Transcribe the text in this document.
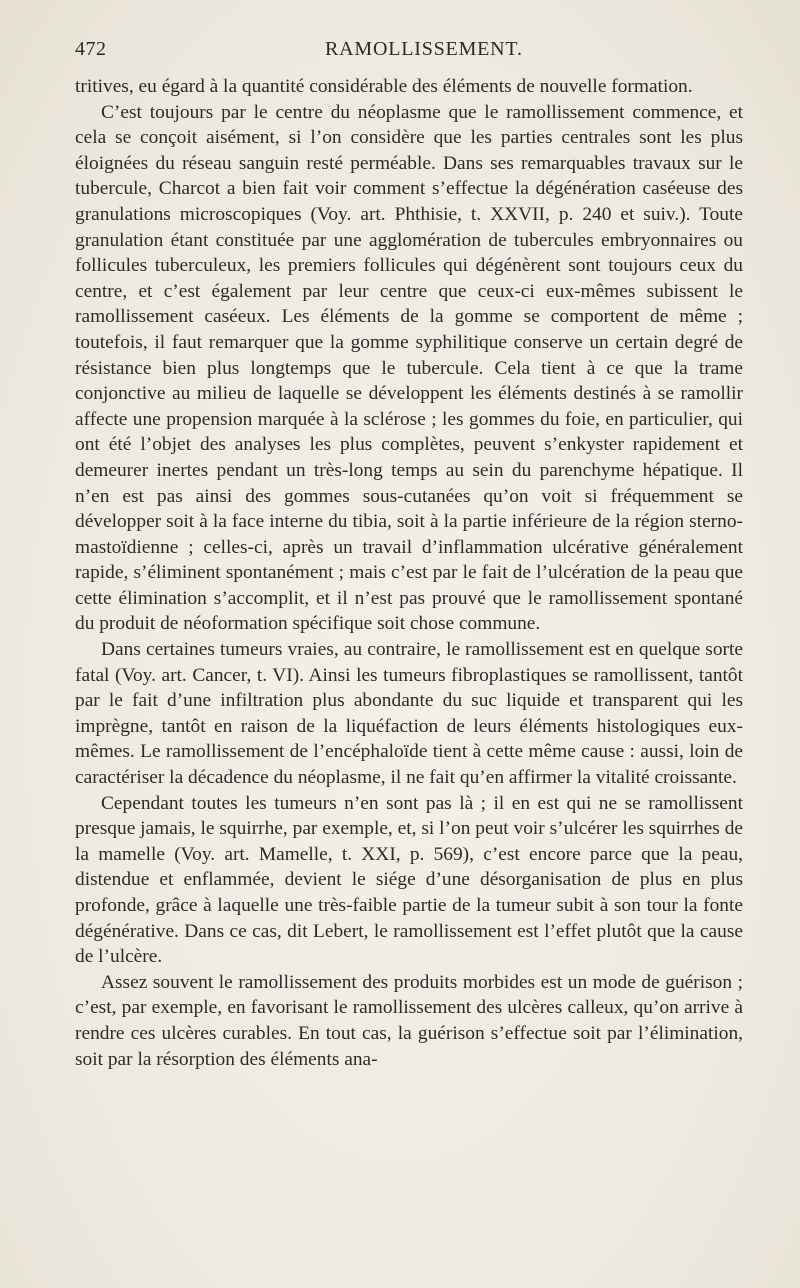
472	RAMOLLISSEMENT.

tritives, eu égard à la quantité considérable des éléments de nouvelle formation.

C’est toujours par le centre du néoplasme que le ramollissement commence, et cela se conçoit aisément, si l’on considère que les parties centrales sont les plus éloignées du réseau sanguin resté perméable. Dans ses remarquables travaux sur le tubercule, Charcot a bien fait voir comment s’effectue la dégénération caséeuse des granulations microscopiques (Voy. art. Phthisie, t. XXVII, p. 240 et suiv.). Toute granulation étant constituée par une agglomération de tubercules embryonnaires ou follicules tuberculeux, les premiers follicules qui dégénèrent sont toujours ceux du centre, et c’est également par leur centre que ceux-ci eux-mêmes subissent le ramollissement caséeux. Les éléments de la gomme se comportent de même ; toutefois, il faut remarquer que la gomme syphilitique conserve un certain degré de résistance bien plus longtemps que le tubercule. Cela tient à ce que la trame conjonctive au milieu de laquelle se développent les éléments destinés à se ramollir affecte une propension marquée à la sclérose ; les gommes du foie, en particulier, qui ont été l’objet des analyses les plus complètes, peuvent s’enkyster rapidement et demeurer inertes pendant un très-long temps au sein du parenchyme hépatique. Il n’en est pas ainsi des gommes sous-cutanées qu’on voit si fréquemment se développer soit à la face interne du tibia, soit à la partie inférieure de la région sterno-mastoïdienne ; celles-ci, après un travail d’inflammation ulcérative généralement rapide, s’éliminent spontanément ; mais c’est par le fait de l’ulcération de la peau que cette élimination s’accomplit, et il n’est pas prouvé que le ramollissement spontané du produit de néoformation spécifique soit chose commune.

Dans certaines tumeurs vraies, au contraire, le ramollissement est en quelque sorte fatal (Voy. art. Cancer, t. VI). Ainsi les tumeurs fibroplastiques se ramollissent, tantôt par le fait d’une infiltration plus abondante du suc liquide et transparent qui les imprègne, tantôt en raison de la liquéfaction de leurs éléments histologiques eux-mêmes. Le ramollissement de l’encéphaloïde tient à cette même cause : aussi, loin de caractériser la décadence du néoplasme, il ne fait qu’en affirmer la vitalité croissante.

Cependant toutes les tumeurs n’en sont pas là ; il en est qui ne se ramollissent presque jamais, le squirrhe, par exemple, et, si l’on peut voir s’ulcérer les squirrhes de la mamelle (Voy. art. Mamelle, t. XXI, p. 569), c’est encore parce que la peau, distendue et enflammée, devient le siége d’une désorganisation de plus en plus profonde, grâce à laquelle une très-faible partie de la tumeur subit à son tour la fonte dégénérative. Dans ce cas, dit Lebert, le ramollissement est l’effet plutôt que la cause de l’ulcère.

Assez souvent le ramollissement des produits morbides est un mode de guérison ; c’est, par exemple, en favorisant le ramollissement des ulcères calleux, qu’on arrive à rendre ces ulcères curables. En tout cas, la guérison s’effectue soit par l’élimination, soit par la résorption des éléments ana-
